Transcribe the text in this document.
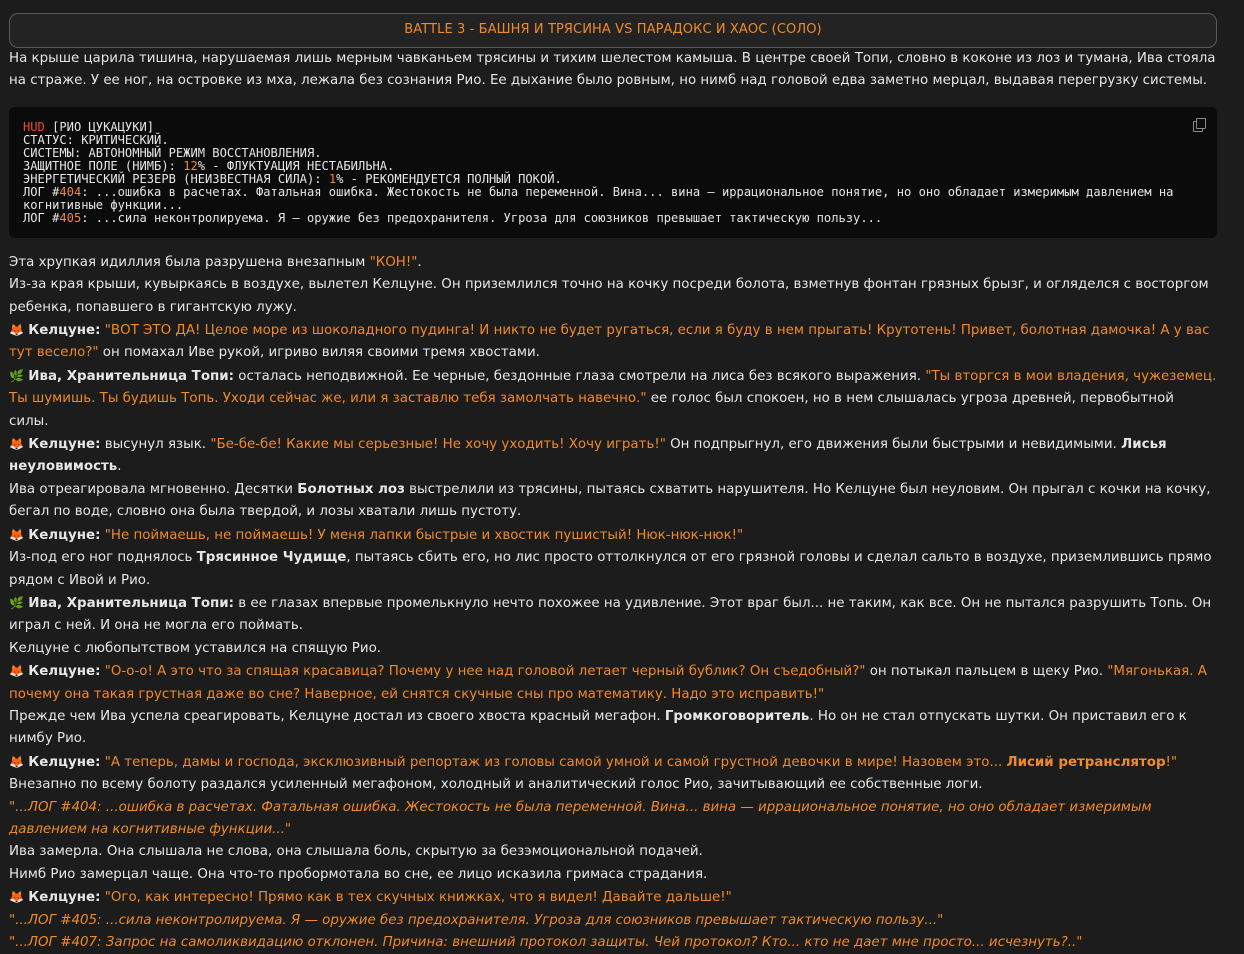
BATTLE 3 - БАШНЯ И ТРЯСИНА VS ПАРАДОКС И ХАОС (СОЛО)

На крыше царила тишина, нарушаемая лишь мерным чавканьем трясины и тихим шелестом камыша. В центре своей Топи, словно в коконе из лоз и тумана, Ива стояла на страже. У ее ног, на островке из мха, лежала без сознания Рио. Ее дыхание было ровным, но нимб над головой едва заметно мерцал, выдавая перегрузку системы.

HUD [РИО ЦУКАЦУКИ]
СТАТУС: КРИТИЧЕСКИЙ.
СИСТЕМЫ: АВТОНОМНЫЙ РЕЖИМ ВОССТАНОВЛЕНИЯ.
ЗАЩИТНОЕ ПОЛЕ (НИМБ): 12% - ФЛУКТУАЦИЯ НЕСТАБИЛЬНА.
ЭНЕРГЕТИЧЕСКИЙ РЕЗЕРВ (НЕИЗВЕСТНАЯ СИЛА): 1% - РЕКОМЕНДУЕТСЯ ПОЛНЫЙ ПОКОЙ.
ЛОГ #404: ...ошибка в расчетах. Фатальная ошибка. Жестокость не была переменной. Вина... вина — иррациональное понятие, но оно обладает измеримым давлением на когнитивные функции...
ЛОГ #405: ...сила неконтролируема. Я — оружие без предохранителя. Угроза для союзников превышает тактическую пользу...

Эта хрупкая идиллия была разрушена внезапным "КОН!".

Из-за края крыши, кувыркаясь в воздухе, вылетел Келцуне. Он приземлился точно на кочку посреди болота, взметнув фонтан грязных брызг, и огляделся с восторгом ребенка, попавшего в гигантскую лужу.

🦊 Келцуне: "ВОТ ЭТО ДА! Целое море из шоколадного пудинга! И никто не будет ругаться, если я буду в нем прыгать! Крутотень! Привет, болотная дамочка! А у вас тут весело?" он помахал Иве рукой, игриво виляя своими тремя хвостами.

🌿 Ива, Хранительница Топи: осталась неподвижной. Ее черные, бездонные глаза смотрели на лиса без всякого выражения. "Ты вторгся в мои владения, чужеземец. Ты шумишь. Ты будишь Топь. Уходи сейчас же, или я заставлю тебя замолчать навечно." ее голос был спокоен, но в нем слышалась угроза древней, первобытной силы.

🦊 Келцуне: высунул язык. "Бе-бе-бе! Какие мы серьезные! Не хочу уходить! Хочу играть!" Он подпрыгнул, его движения были быстрыми и невидимыми. Лисья неуловимость.

Ива отреагировала мгновенно. Десятки Болотных лоз выстрелили из трясины, пытаясь схватить нарушителя. Но Келцуне был неуловим. Он прыгал с кочки на кочку, бегал по воде, словно она была твердой, и лозы хватали лишь пустоту.

🦊 Келцуне: "Не поймаешь, не поймаешь! У меня лапки быстрые и хвостик пушистый! Нюк-нюк-нюк!"

Из-под его ног поднялось Трясинное Чудище, пытаясь сбить его, но лис просто оттолкнулся от его грязной головы и сделал сальто в воздухе, приземлившись прямо рядом с Ивой и Рио.

🌿 Ива, Хранительница Топи: в ее глазах впервые промелькнуло нечто похожее на удивление. Этот враг был... не таким, как все. Он не пытался разрушить Топь. Он играл с ней. И она не могла его поймать.

Келцуне с любопытством уставился на спящую Рио.

🦊 Келцуне: "О-о-о! А это что за спящая красавица? Почему у нее над головой летает черный бублик? Он съедобный?" он потыкал пальцем в щеку Рио. "Мягонькая. А почему она такая грустная даже во сне? Наверное, ей снятся скучные сны про математику. Надо это исправить!"

Прежде чем Ива успела среагировать, Келцуне достал из своего хвоста красный мегафон. Громкоговоритель. Но он не стал отпускать шутки. Он приставил его к нимбу Рио.

🦊 Келцуне: "А теперь, дамы и господа, эксклюзивный репортаж из головы самой умной и самой грустной девочки в мире! Назовем это... Лисий ретранслятор!"

Внезапно по всему болоту раздался усиленный мегафоном, холодный и аналитический голос Рио, зачитывающий ее собственные логи.

"...ЛОГ #404: ...ошибка в расчетах. Фатальная ошибка. Жестокость не была переменной. Вина... вина — иррациональное понятие, но оно обладает измеримым давлением на когнитивные функции..."

Ива замерла. Она слышала не слова, она слышала боль, скрытую за безэмоциональной подачей.

Нимб Рио замерцал чаще. Она что-то пробормотала во сне, ее лицо исказила гримаса страдания.

🦊 Келцуне: "Ого, как интересно! Прямо как в тех скучных книжках, что я видел! Давайте дальше!"

"...ЛОГ #405: ...сила неконтролируема. Я — оружие без предохранителя. Угроза для союзников превышает тактическую пользу..."

"...ЛОГ #407: Запрос на самоликвидацию отклонен. Причина: внешний протокол защиты. Чей протокол? Кто... кто не дает мне просто... исчезнуть?.."
